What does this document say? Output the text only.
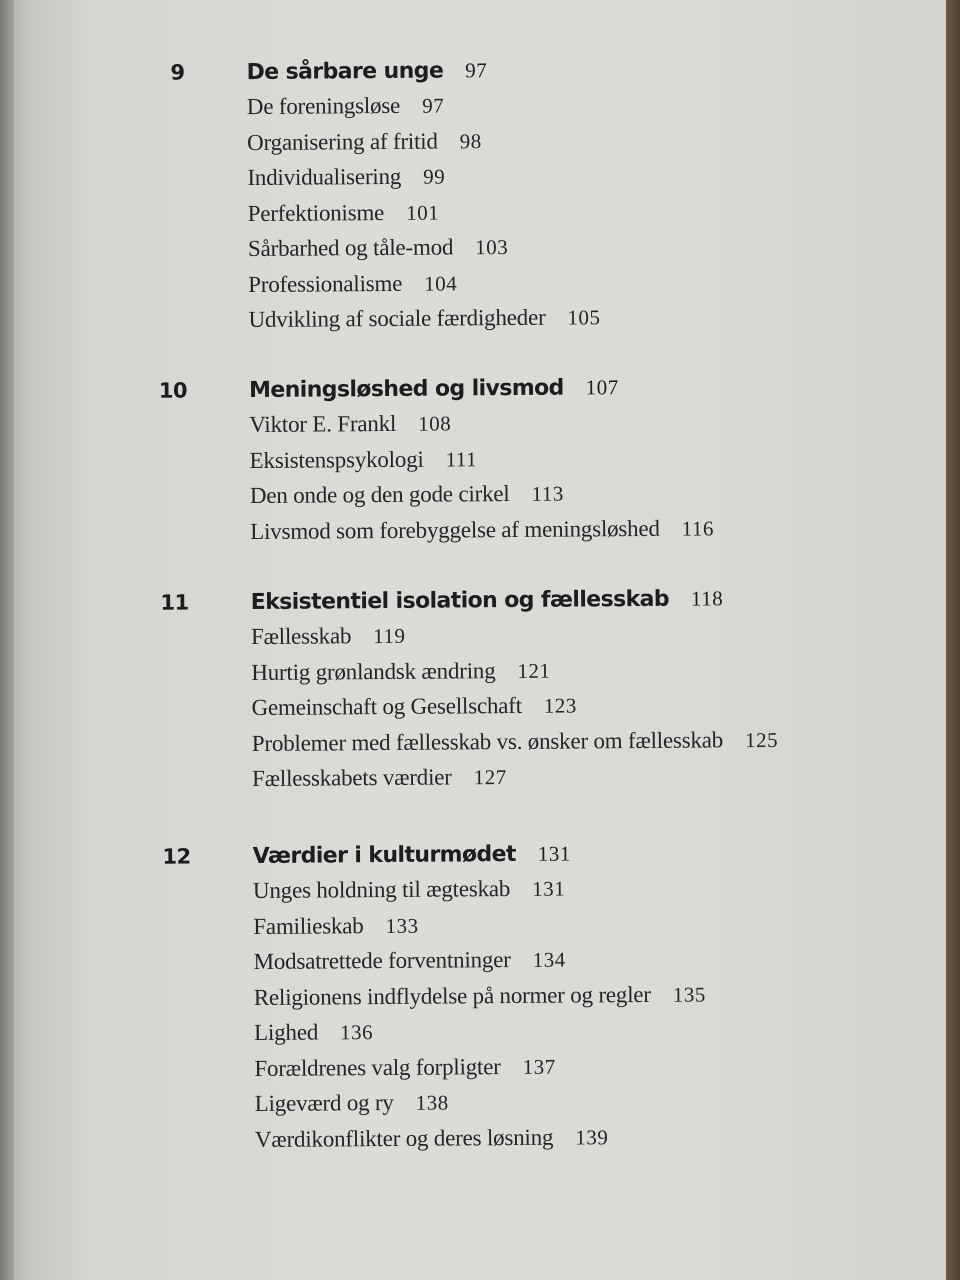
9	De sårbare unge 97
De foreningsløse 97
Organisering af fritid 98
Individualisering 99
Perfektionisme 101
Sårbarhed og tåle-mod 103
Professionalisme 104
Udvikling af sociale færdigheder 105
10	Meningsløshed og livsmod 107
Viktor E. Frankl 108
Eksistenspsykologi 111
Den onde og den gode cirkel 113
Livsmod som forebyggelse af meningsløshed 116
11	Eksistentiel isolation og fællesskab 118
Fællesskab 119
Hurtig grønlandsk ændring 121
Gemeinschaft og Gesellschaft 123
Problemer med fællesskab vs. ønsker om fællesskab 125
Fællesskabets værdier 127
12	Værdier i kulturmødet 131
Unges holdning til ægteskab 131
Familieskab 133
Modsatrettede forventninger 134
Religionens indflydelse på normer og regler 135
Lighed 136
Forældrenes valg forpligter 137
Ligeværd og ry 138
Værdikonflikter og deres løsning 139
